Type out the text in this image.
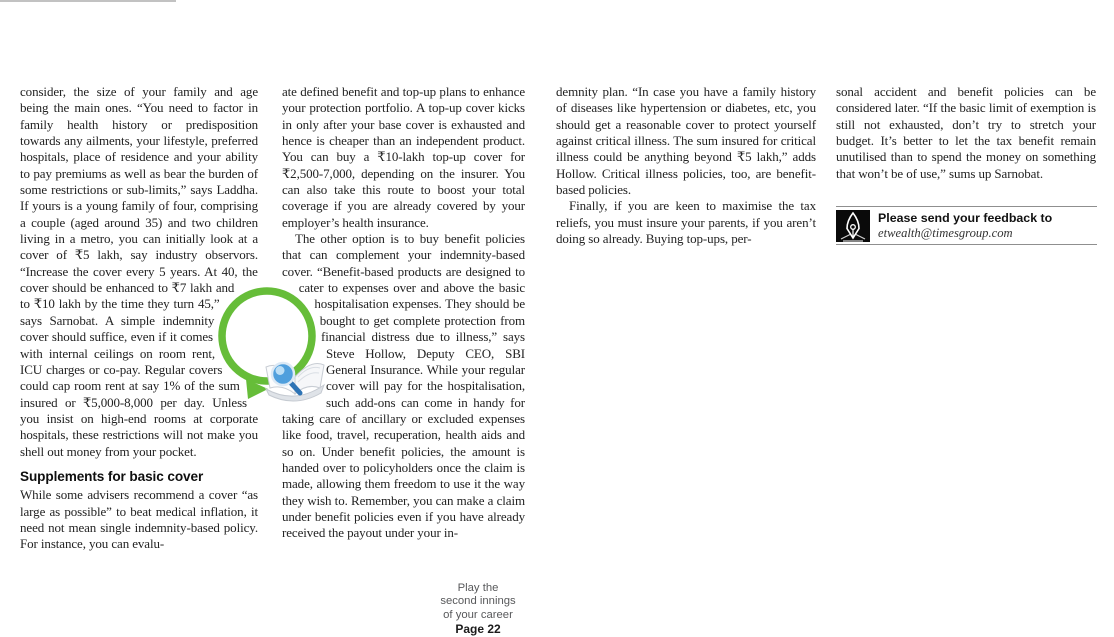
consider, the size of your family and age being the main ones. “You need to factor in family health history or predisposition towards any ailments, your lifestyle, preferred hospitals, place of residence and your ability to pay premiums as well as bear the burden of some restrictions or sub-limits,” says Laddha. If yours is a young family of four, comprising a couple (aged around 35) and two children living in a metro, you can initially look at a cover of ₹5 lakh, say industry observors. “Increase the cover every 5 years. At 40, the cover should be enhanced to ₹7 lakh and to ₹10 lakh by the time they turn 45,” says Sarnobat. A simple indemnity cover should suffice, even if it comes with internal ceilings on room rent, ICU charges or co-pay. Regular covers could cap room rent at say 1% of the sum insured or ₹5,000-8,000 per day. Unless you insist on high-end rooms at corporate hospitals, these restrictions will not make you shell out money from your pocket.

Supplements for basic cover

While some advisers recommend a cover “as large as possible” to beat medical inflation, it need not mean single indemnity-based policy. For instance, you can evalu-

ate defined benefit and top-up plans to enhance your protection portfolio. A top-up cover kicks in only after your base cover is exhausted and hence is cheaper than an independent product. You can buy a ₹10-lakh top-up cover for ₹2,500-7,000, depending on the insurer. You can also take this route to boost your total coverage if you are already covered by your employer’s health insurance.

The other option is to buy benefit policies that can complement your indemnity-based cover. “Benefit-based products are designed to cater to expenses over and above the basic hospitalisation expenses. They should be bought to get complete protection from financial distress due to illness,” says Steve Hollow, Deputy CEO, SBI General Insurance. While your regular cover will pay for the hospitalisation, such add-ons can come in handy for taking care of ancillary or excluded expenses like food, travel, recuperation, health aids and so on. Under benefit policies, the amount is handed over to policyholders once the claim is made, allowing them freedom to use it the way they wish to. Remember, you can make a claim under benefit policies even if you have already received the payout under your in-

demnity plan. “In case you have a family history of diseases like hypertension or diabetes, etc, you should get a reasonable cover to protect yourself against critical illness. The sum insured for critical illness could be anything beyond ₹5 lakh,” adds Hollow. Critical illness policies, too, are benefit-based policies.

Finally, if you are keen to maximise the tax reliefs, you must insure your parents, if you aren’t doing so already. Buying top-ups, per-

sonal accident and benefit policies can be considered later. “If the basic limit of exemption is still not exhausted, don’t try to stretch your budget. It’s better to let the tax benefit remain unutilised than to spend the money on something that won’t be of use,” sums up Sarnobat.

Play the
second innings
of your career
Page 22
Please send your feedback to
etwealth@timesgroup.com
